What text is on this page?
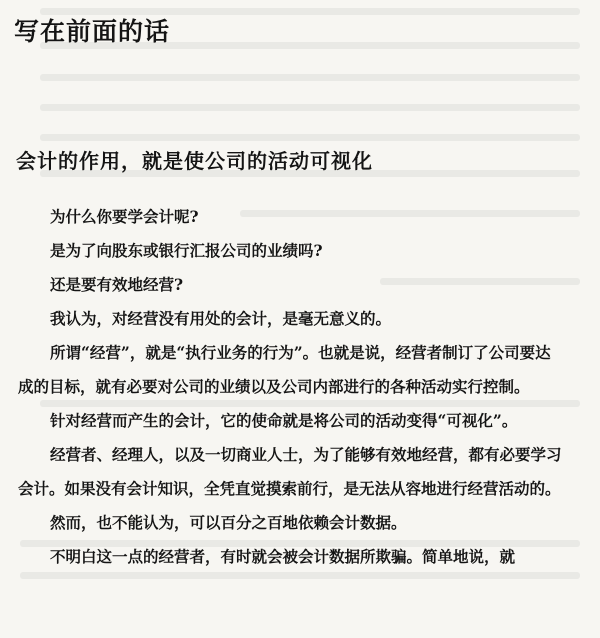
写在前面的话
会计的作用，就是使公司的活动可视化

为什么你要学会计呢?

是为了向股东或银行汇报公司的业绩吗?

还是要有效地经营?

我认为，对经营没有用处的会计，是毫无意义的。

所谓“经营”，就是“执行业务的行为”。也就是说，经营者制订了公司要达成的目标，就有必要对公司的业绩以及公司内部进行的各种活动实行控制。

针对经营而产生的会计，它的使命就是将公司的活动变得“可视化”。

经营者、经理人，以及一切商业人士，为了能够有效地经营，都有必要学习会计。如果没有会计知识，全凭直觉摸索前行，是无法从容地进行经营活动的。

然而，也不能认为，可以百分之百地依赖会计数据。

不明白这一点的经营者，有时就会被会计数据所欺骗。简单地说，就
